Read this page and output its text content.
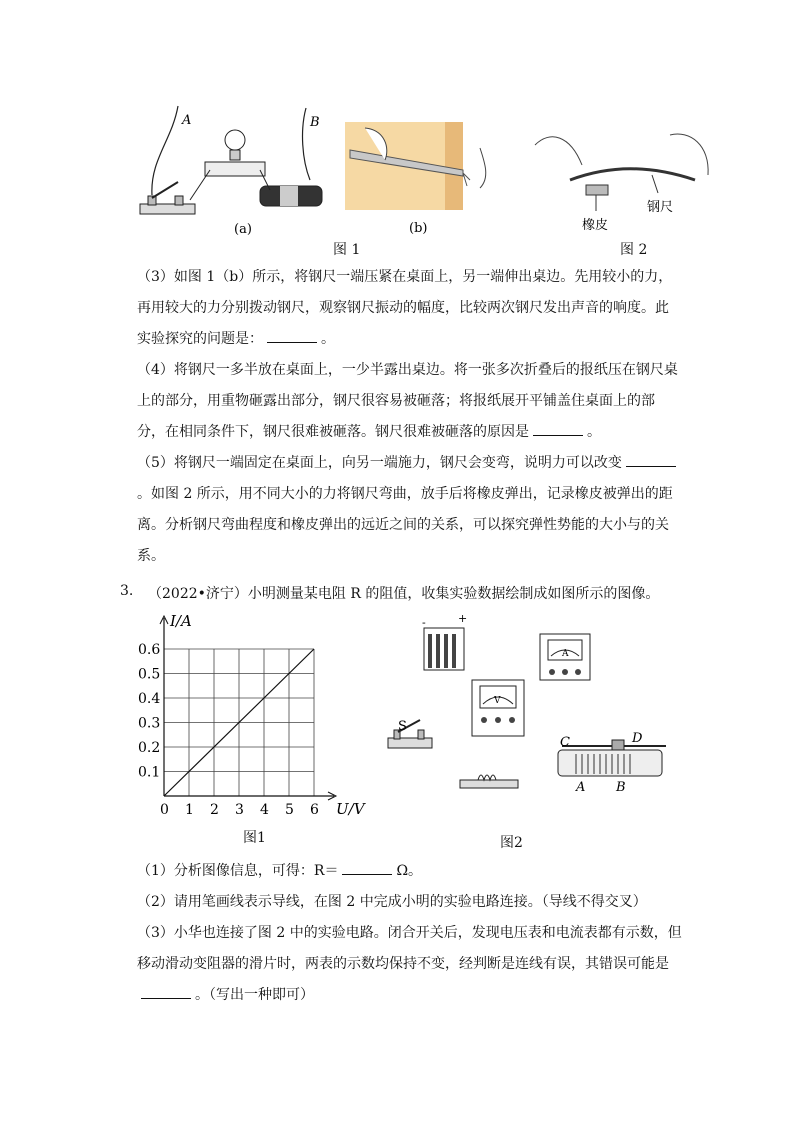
A	B
(a)	(b)	橡皮
钢尺
图 1	图 2

（3）如图 1（b）所示，将钢尺一端压紧在桌面上，另一端伸出桌边。先用较小的力，再用较大的力分别拨动钢尺，观察钢尺振动的幅度，比较两次钢尺发出声音的响度。此实验探究的问题是：	。

（4）将钢尺一多半放在桌面上，一少半露出桌边。将一张多次折叠后的报纸压在钢尺桌上的部分，用重物砸露出部分，钢尺很容易被砸落；将报纸展开平铺盖住桌面上的部分，在相同条件下，钢尺很难被砸落。钢尺很难被砸落的原因是	。

（5）将钢尺一端固定在桌面上，向另一端施力，钢尺会变弯，说明力可以改变。如图 2 所示，用不同大小的力将钢尺弯曲，放手后将橡皮弹出，记录橡皮被弹出的距离。分析钢尺弯曲程度和橡皮弹出的远近之间的关系，可以探究弹性势能的大小与的关系。

3. （2022•济宁）小明测量某电阻 R 的阻值，收集实验数据绘制成如图所示的图像。
0 1 2 3 4 5 6
0.1
0.2
0.3
0.4
0.5
0.6
I/A
U/V
图1
+
-
A
V
S
C	D
A B
图2

（1）分析图像信息，可得：R＝	Ω。

（2）请用笔画线表示导线，在图 2 中完成小明的实验电路连接。（导线不得交叉）

（3）小华也连接了图 2 中的实验电路。闭合开关后，发现电压表和电流表都有示数，但移动滑动变阻器的滑片时，两表的示数均保持不变，经判断是连线有误，其错误可能是。（写出一种即可）
